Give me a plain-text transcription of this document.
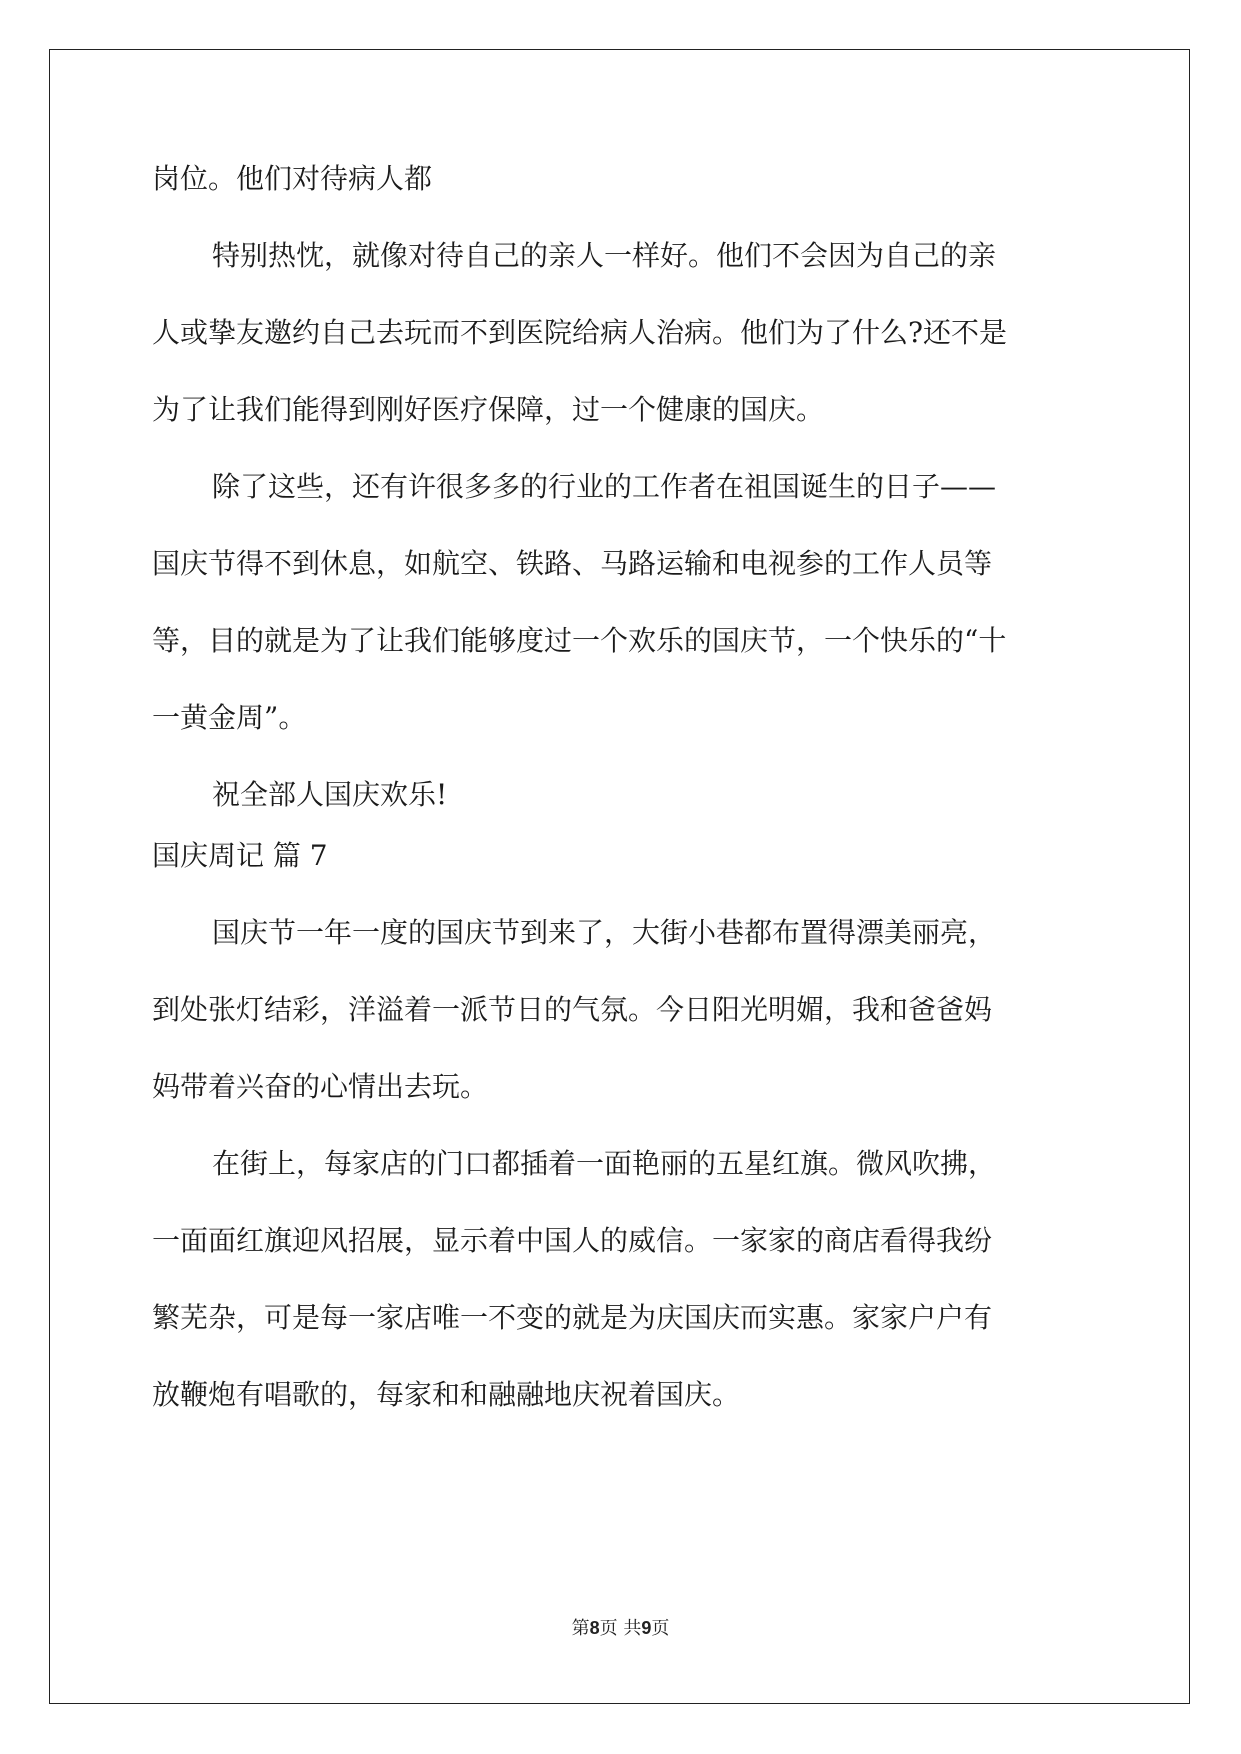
岗位。他们对待病人都

特别热忱，就像对待自己的亲人一样好。他们不会因为自己的亲

人或挚友邀约自己去玩而不到医院给病人治病。他们为了什么?还不是

为了让我们能得到刚好医疗保障，过一个健康的国庆。

除了这些，还有许很多多的行业的工作者在祖国诞生的日子——

国庆节得不到休息，如航空、铁路、马路运输和电视参的工作人员等

等，目的就是为了让我们能够度过一个欢乐的国庆节，一个快乐的“十

一黄金周”。

祝全部人国庆欢乐!

国庆周记 篇 7

国庆节一年一度的国庆节到来了，大街小巷都布置得漂美丽亮，

到处张灯结彩，洋溢着一派节日的气氛。今日阳光明媚，我和爸爸妈

妈带着兴奋的心情出去玩。

在街上，每家店的门口都插着一面艳丽的五星红旗。微风吹拂，

一面面红旗迎风招展，显示着中国人的威信。一家家的商店看得我纷

繁芜杂，可是每一家店唯一不变的就是为庆国庆而实惠。家家户户有

放鞭炮有唱歌的，每家和和融融地庆祝着国庆。

第8页 共9页
